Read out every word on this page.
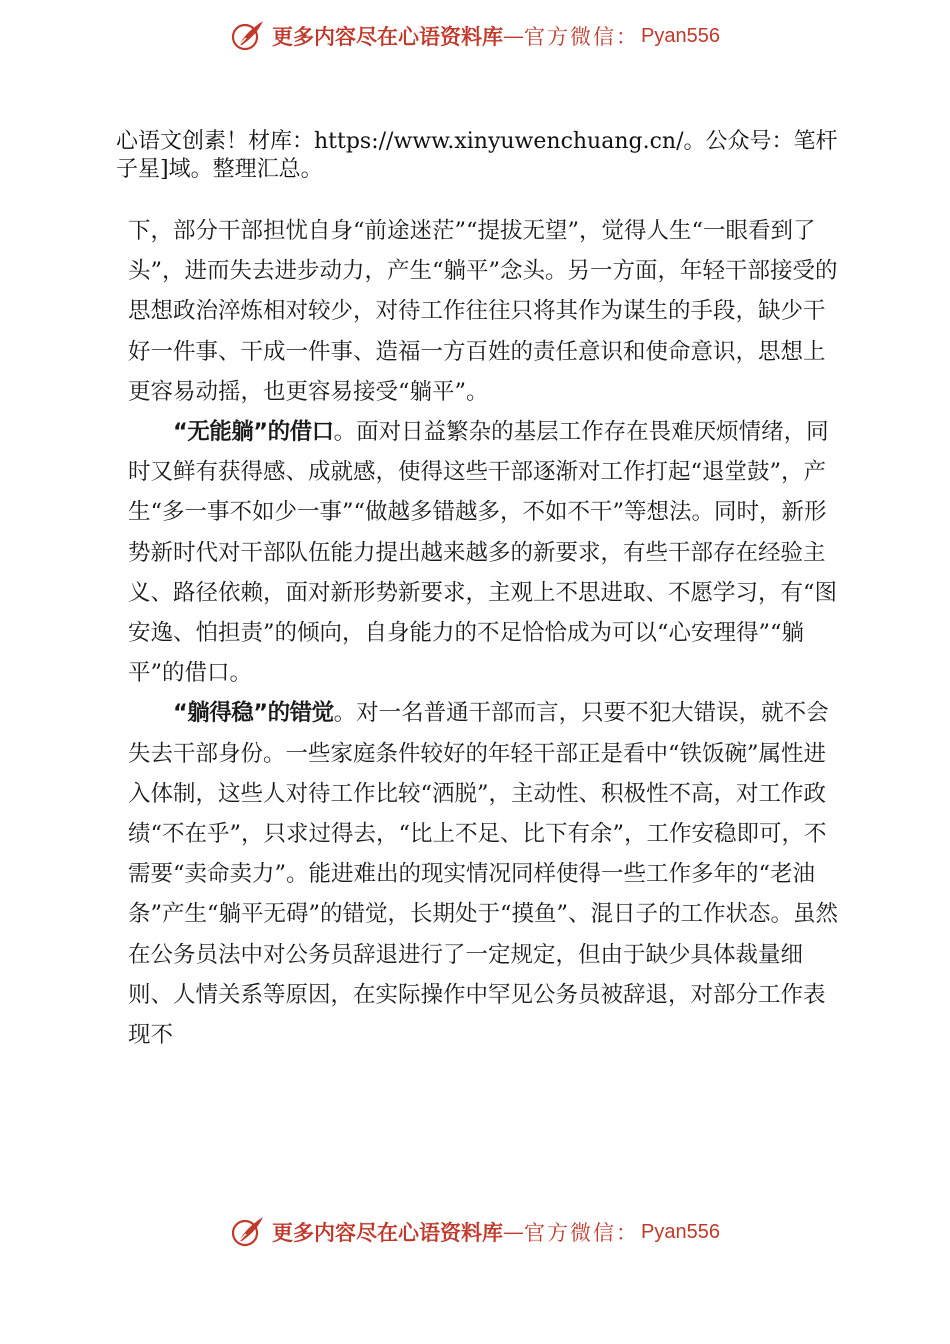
更多内容尽在心语资料库 — 官方微信： Pyan556
心语文创素！材库：https://www.xinyuwenchuang.cn/。公众号：笔杆子星]域。整理汇总。

下，部分干部担忧自身“前途迷茫”“提拔无望”，觉得人生“一眼看到了头”，进而失去进步动力，产生“躺平”念头。另一方面，年轻干部接受的思想政治淬炼相对较少，对待工作往往只将其作为谋生的手段，缺少干好一件事、干成一件事、造福一方百姓的责任意识和使命意识，思想上更容易动摇，也更容易接受“躺平”。

“无能躺”的借口。面对日益繁杂的基层工作存在畏难厌烦情绪，同时又鲜有获得感、成就感，使得这些干部逐渐对工作打起“退堂鼓”，产生“多一事不如少一事”“做越多错越多，不如不干”等想法。同时，新形势新时代对干部队伍能力提出越来越多的新要求，有些干部存在经验主义、路径依赖，面对新形势新要求，主观上不思进取、不愿学习，有“图安逸、怕担责”的倾向，自身能力的不足恰恰成为可以“心安理得”“躺平”的借口。

“躺得稳”的错觉。对一名普通干部而言，只要不犯大错误，就不会失去干部身份。一些家庭条件较好的年轻干部正是看中“铁饭碗”属性进入体制，这些人对待工作比较“洒脱”，主动性、积极性不高，对工作政绩“不在乎”，只求过得去，“比上不足、比下有余”，工作安稳即可，不需要“卖命卖力”。能进难出的现实情况同样使得一些工作多年的“老油条”产生“躺平无碍”的错觉，长期处于“摸鱼”、混日子的工作状态。虽然在公务员法中对公务员辞退进行了一定规定，但由于缺少具体裁量细则、人情关系等原因，在实际操作中罕见公务员被辞退，对部分工作表现不

更多内容尽在心语资料库 — 官方微信： Pyan556
